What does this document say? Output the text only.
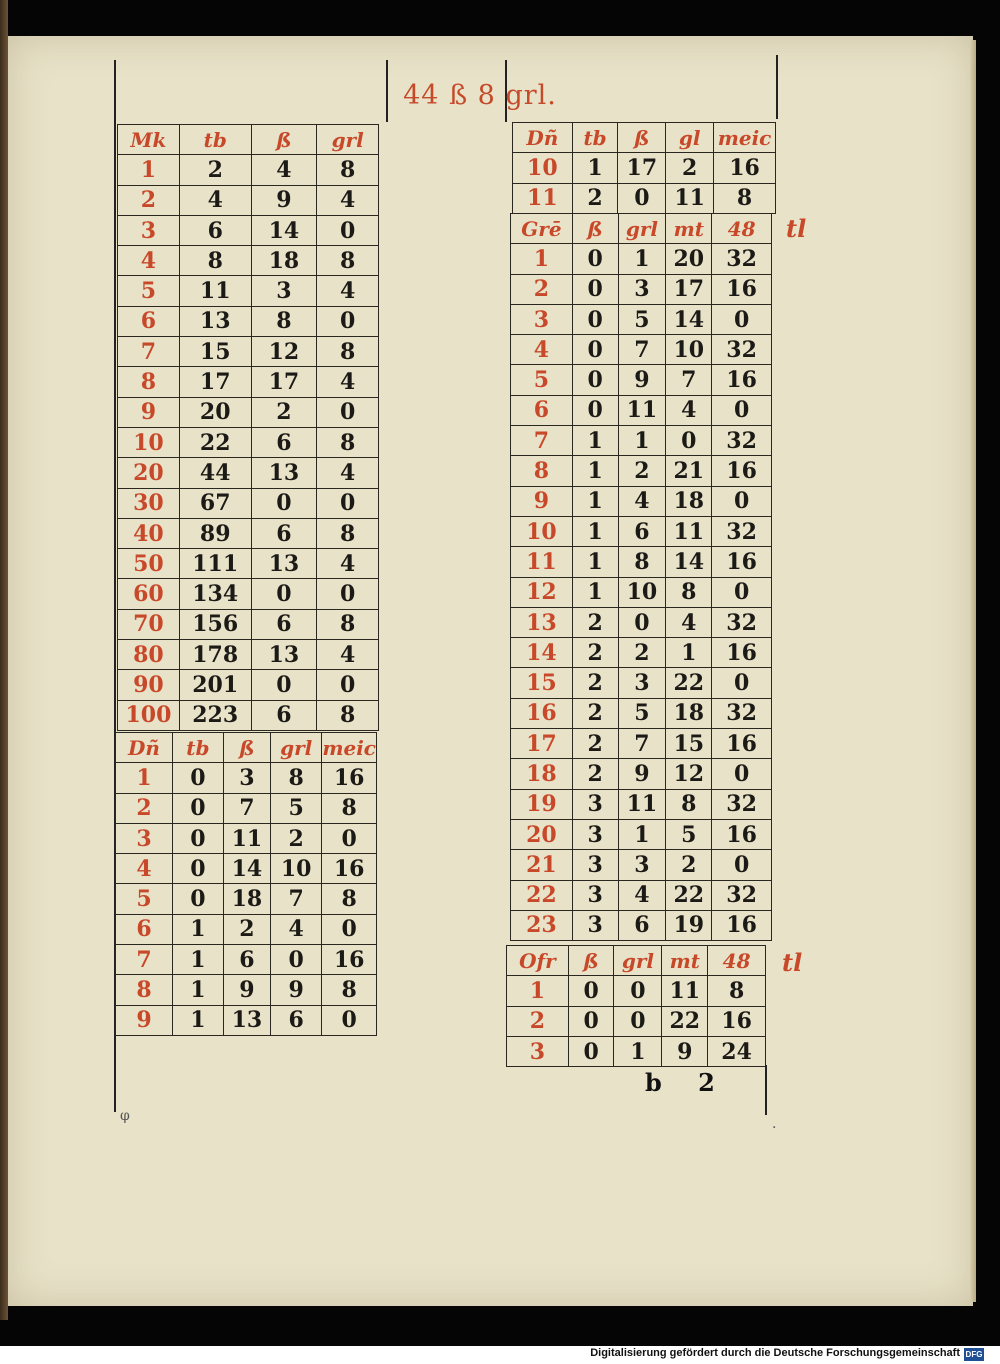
44 ß 8 grl.
Mk	tb	ß	grl
1	2	4	8
2	4	9	4
3	6	14	0
4	8	18	8
5	11	3	4
6	13	8	0
7	15	12	8
8	17	17	4
9	20	2	0
10	22	6	8
20	44	13	4
30	67	0	0
40	89	6	8
50	111	13	4
60	134	0	0
70	156	6	8
80	178	13	4
90	201	0	0
100	223	6	8
Dñ	tb	ß	grl	meic
1	0	3	8	16
2	0	7	5	8
3	0	11	2	0
4	0	14	10	16
5	0	18	7	8
6	1	2	4	0
7	1	6	0	16
8	1	9	9	8
9	1	13	6	0
Dñ	tb	ß	gl	meic
10	1	17	2	16
11	2	0	11	8
Grē	ß	grl	mt	48
1	0	1	20	32
2	0	3	17	16
3	0	5	14	0
4	0	7	10	32
5	0	9	7	16
6	0	11	4	0
7	1	1	0	32
8	1	2	21	16
9	1	4	18	0
10	1	6	11	32
11	1	8	14	16
12	1	10	8	0
13	2	0	4	32
14	2	2	1	16
15	2	3	22	0
16	2	5	18	32
17	2	7	15	16
18	2	9	12	0
19	3	11	8	32
20	3	1	5	16
21	3	3	2	0
22	3	4	22	32
23	3	6	19	16
Ofr	ß	grl	mt	48
1	0	0	11	8
2	0	0	22	16
3	0	1	9	24
tl
tl
b 2
φ
·
Digitalisierung gefördert durch die Deutsche Forschungsgemeinschaft DFG
